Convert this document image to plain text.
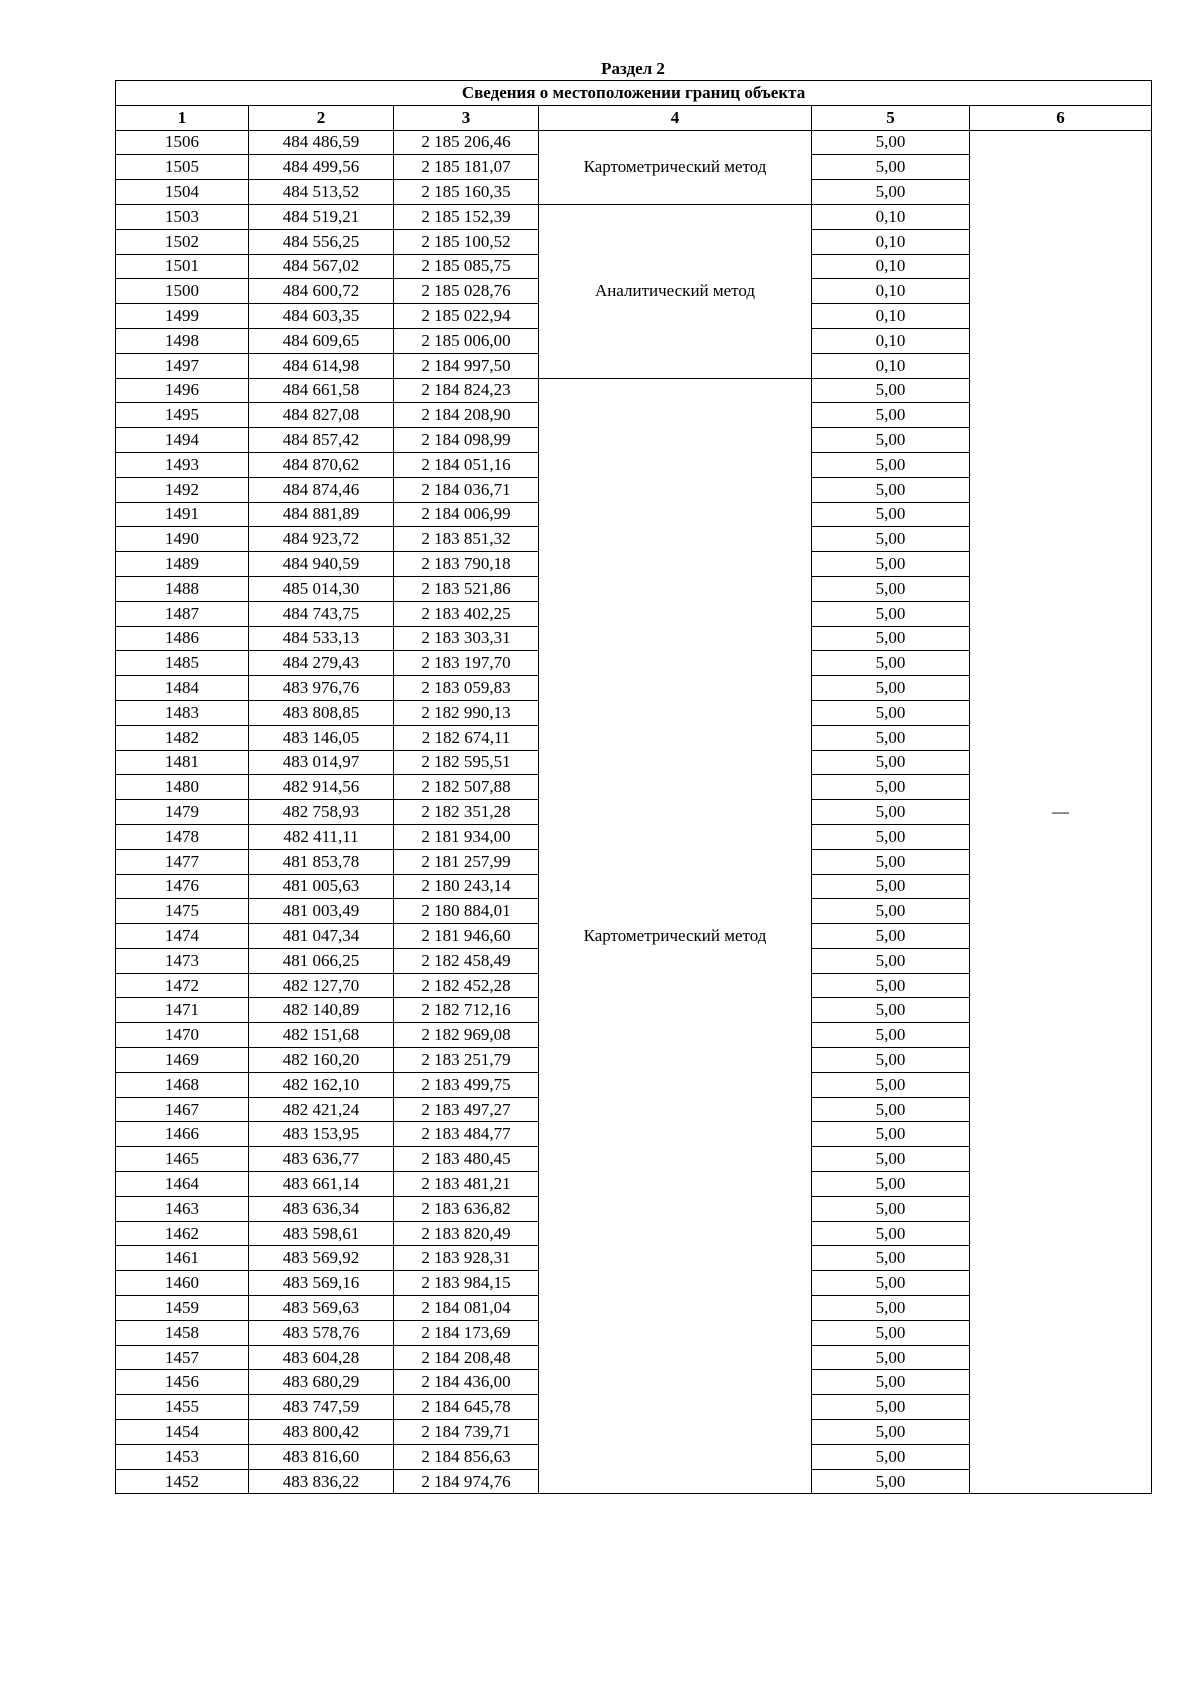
Раздел 2
Сведения о местоположении границ объекта					
1	2	3	4	5	6
1506	484 486,59	2 185 206,46	Картометрический метод	5,00	—
1505	484 499,56	2 185 181,07		5,00	
1504	484 513,52	2 185 160,35		5,00	
1503	484 519,21	2 185 152,39	Аналитический метод	0,10	
1502	484 556,25	2 185 100,52		0,10	
1501	484 567,02	2 185 085,75		0,10	
1500	484 600,72	2 185 028,76		0,10	
1499	484 603,35	2 185 022,94		0,10	
1498	484 609,65	2 185 006,00		0,10	
1497	484 614,98	2 184 997,50		0,10	
1496	484 661,58	2 184 824,23	Картометрический метод	5,00	
1495	484 827,08	2 184 208,90		5,00	
1494	484 857,42	2 184 098,99		5,00	
1493	484 870,62	2 184 051,16		5,00	
1492	484 874,46	2 184 036,71		5,00	
1491	484 881,89	2 184 006,99		5,00	
1490	484 923,72	2 183 851,32		5,00	
1489	484 940,59	2 183 790,18		5,00	
1488	485 014,30	2 183 521,86		5,00	
1487	484 743,75	2 183 402,25		5,00	
1486	484 533,13	2 183 303,31		5,00	
1485	484 279,43	2 183 197,70		5,00	
1484	483 976,76	2 183 059,83		5,00	
1483	483 808,85	2 182 990,13		5,00	
1482	483 146,05	2 182 674,11		5,00	
1481	483 014,97	2 182 595,51		5,00	
1480	482 914,56	2 182 507,88		5,00	
1479	482 758,93	2 182 351,28		5,00	
1478	482 411,11	2 181 934,00		5,00	
1477	481 853,78	2 181 257,99		5,00	
1476	481 005,63	2 180 243,14		5,00	
1475	481 003,49	2 180 884,01		5,00	
1474	481 047,34	2 181 946,60		5,00	
1473	481 066,25	2 182 458,49		5,00	
1472	482 127,70	2 182 452,28		5,00	
1471	482 140,89	2 182 712,16		5,00	
1470	482 151,68	2 182 969,08		5,00	
1469	482 160,20	2 183 251,79		5,00	
1468	482 162,10	2 183 499,75		5,00	
1467	482 421,24	2 183 497,27		5,00	
1466	483 153,95	2 183 484,77		5,00	
1465	483 636,77	2 183 480,45		5,00	
1464	483 661,14	2 183 481,21		5,00	
1463	483 636,34	2 183 636,82		5,00	
1462	483 598,61	2 183 820,49		5,00	
1461	483 569,92	2 183 928,31		5,00	
1460	483 569,16	2 183 984,15		5,00	
1459	483 569,63	2 184 081,04		5,00	
1458	483 578,76	2 184 173,69		5,00	
1457	483 604,28	2 184 208,48		5,00	
1456	483 680,29	2 184 436,00		5,00	
1455	483 747,59	2 184 645,78		5,00	
1454	483 800,42	2 184 739,71		5,00	
1453	483 816,60	2 184 856,63		5,00	
1452	483 836,22	2 184 974,76		5,00	
